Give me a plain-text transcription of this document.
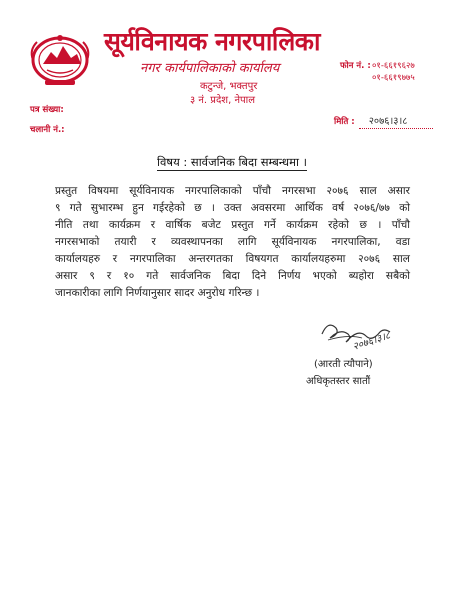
सूर्यविनायक नगरपालिका
नगर कार्यपालिकाको कार्यालय
कटुन्जे, भक्तपुर
३ नं. प्रदेश, नेपाल
फोन नं. : ०१-६६१९६२७
०१-६६१९७७५
पत्र संख्या:
चलानी नं.:
मिति :	२०७६।३।८
विषय : सार्वजनिक बिदा सम्बन्धमा ।
प्रस्तुत विषयमा सूर्यविनायक नगरपालिकाको पाँचौ नगरसभा २०७६ साल असार
९ गते सुभारम्भ हुन गईरहेको छ । उक्त अवसरमा आर्थिक वर्ष २०७६/७७ को
नीति तथा कार्यक्रम र वार्षिक बजेट प्रस्तुत गर्ने कार्यक्रम रहेको छ । पाँचौ
नगरसभाको तयारी र व्यवस्थापनका लागि सूर्यविनायक नगरपालिका, वडा
कार्यालयहरु र नगरपालिका अन्तरगतका विषयगत कार्यालयहरुमा २०७६ साल
असार ९ र १० गते सार्वजनिक बिदा दिने निर्णय भएको ब्यहोरा सबैको
जानकारीका लागि निर्णयानुसार सादर अनुरोध गरिन्छ ।
२०७६।३।८
(आरती त्यौपाने)
अधिकृतस्तर सातौं
